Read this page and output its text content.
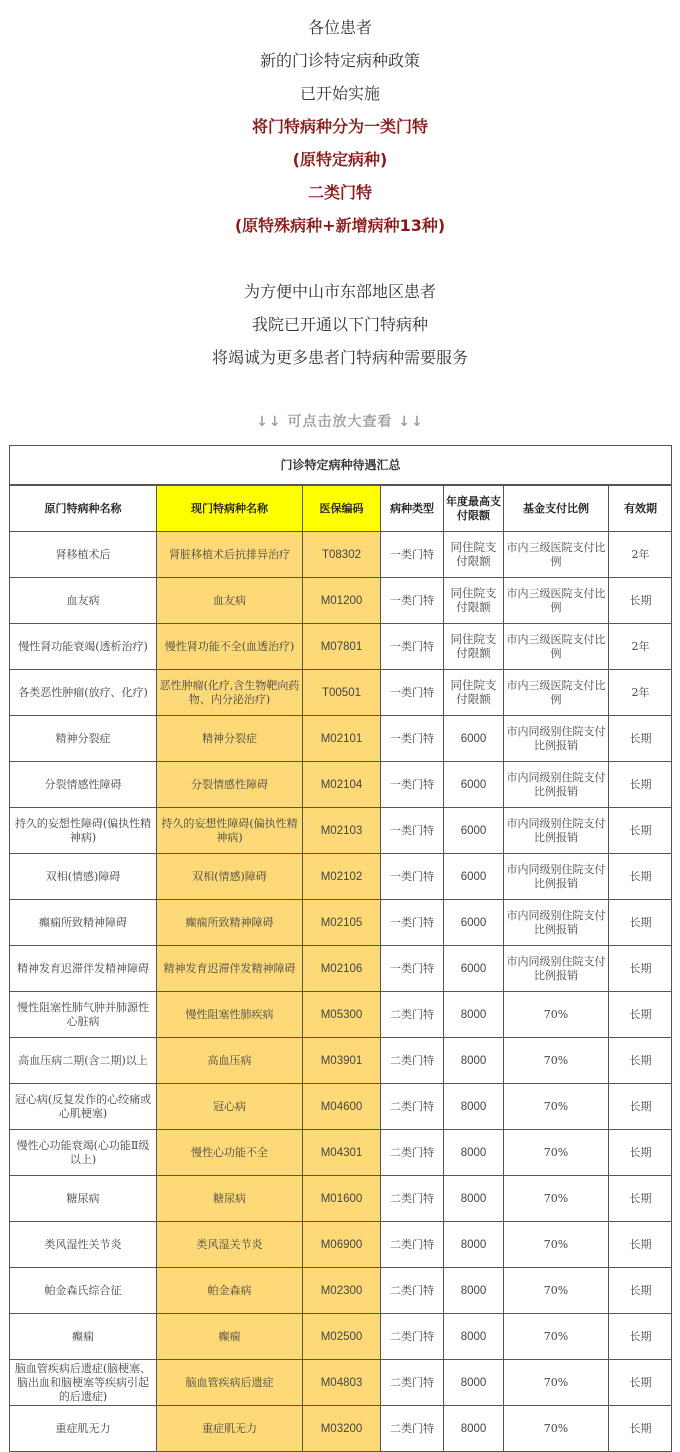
各位患者
新的门诊特定病种政策
已开始实施
将门特病种分为一类门特
(原特定病种)
二类门特
(原特殊病种+新增病种13种)
为方便中山市东部地区患者
我院已开通以下门特病种
将竭诚为更多患者门特病种需要服务
↓↓ 可点击放大查看 ↓↓
门诊特定病种待遇汇总
原门特病种名称	现门特病种名称	医保编码	病种类型	年度最高支付限额	基金支付比例	有效期
肾移植术后	肾脏移植术后抗排异治疗	T08302	一类门特	同住院支付限额	市内三级医院支付比例	2年
血友病	血友病	M01200	一类门特	同住院支付限额	市内三级医院支付比例	长期
慢性肾功能衰竭(透析治疗)	慢性肾功能不全(血透治疗)	M07801	一类门特	同住院支付限额	市内三级医院支付比例	2年
各类恶性肿瘤(放疗、化疗)	恶性肿瘤(化疗,含生物靶向药物、内分泌治疗)	T00501	一类门特	同住院支付限额	市内三级医院支付比例	2年
精神分裂症	精神分裂症	M02101	一类门特	6000	市内同级别住院支付比例报销	长期
分裂情感性障碍	分裂情感性障碍	M02104	一类门特	6000	市内同级别住院支付比例报销	长期
持久的妄想性障碍(偏执性精神病)	持久的妄想性障碍(偏执性精神病)	M02103	一类门特	6000	市内同级别住院支付比例报销	长期
双相(情感)障碍	双相(情感)障碍	M02102	一类门特	6000	市内同级别住院支付比例报销	长期
癫痫所致精神障碍	癫痫所致精神障碍	M02105	一类门特	6000	市内同级别住院支付比例报销	长期
精神发育迟滞伴发精神障碍	精神发育迟滞伴发精神障碍	M02106	一类门特	6000	市内同级别住院支付比例报销	长期
慢性阻塞性肺气肿并肺源性心脏病	慢性阻塞性肺疾病	M05300	二类门特	8000	70%	长期
高血压病二期(含二期)以上	高血压病	M03901	二类门特	8000	70%	长期
冠心病(反复发作的心绞痛或心肌梗塞)	冠心病	M04600	二类门特	8000	70%	长期
慢性心功能衰竭(心功能Ⅱ级以上)	慢性心功能不全	M04301	二类门特	8000	70%	长期
糖尿病	糖尿病	M01600	二类门特	8000	70%	长期
类风湿性关节炎	类风湿关节炎	M06900	二类门特	8000	70%	长期
帕金森氏综合征	帕金森病	M02300	二类门特	8000	70%	长期
癫痫	癫痫	M02500	二类门特	8000	70%	长期
脑血管疾病后遗症(脑梗塞、脑出血和脑梗塞等疾病引起的后遗症)	脑血管疾病后遗症	M04803	二类门特	8000	70%	长期
重症肌无力	重症肌无力	M03200	二类门特	8000	70%	长期
